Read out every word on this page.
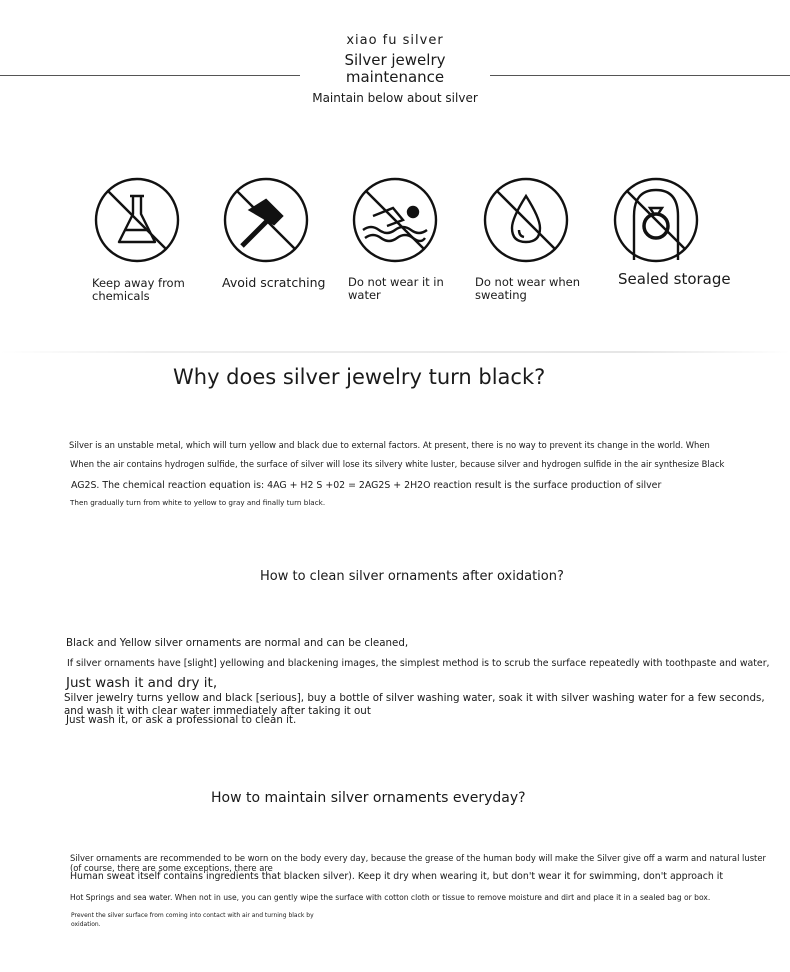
xiao fu silver
Silver jewelry
maintenance
Maintain below about silver
Keep away from chemicals
Avoid scratching	Do not wear it in water
Do not wear when sweating
Sealed storage
Why does silver jewelry turn black?
Silver is an unstable metal, which will turn yellow and black due to external factors. At present, there is no way to prevent its change in the world. When
When the air contains hydrogen sulfide, the surface of silver will lose its silvery white luster, because silver and hydrogen sulfide in the air synthesize Black
AG2S. The chemical reaction equation is: 4AG + H2 S +02 = 2AG2S + 2H2O reaction result is the surface production of silver
Then gradually turn from white to yellow to gray and finally turn black.
How to clean silver ornaments after oxidation?
Black and Yellow silver ornaments are normal and can be cleaned,
If silver ornaments have [slight] yellowing and blackening images, the simplest method is to scrub the surface repeatedly with toothpaste and water,
Just wash it and dry it,
Silver jewelry turns yellow and black [serious], buy a bottle of silver washing water, soak it with silver washing water for a few seconds,
and wash it with clear water immediately after taking it out
Just wash it, or ask a professional to clean it.
How to maintain silver ornaments everyday?
Silver ornaments are recommended to be worn on the body every day, because the grease of the human body will make the Silver give off a warm and natural luster
(of course, there are some exceptions, there are
Human sweat itself contains ingredients that blacken silver). Keep it dry when wearing it, but don't wear it for swimming, don't approach it
Hot Springs and sea water. When not in use, you can gently wipe the surface with cotton cloth or tissue to remove moisture and dirt and place it in a sealed bag or box.
Prevent the silver surface from coming into contact with air and turning black by oxidation.
